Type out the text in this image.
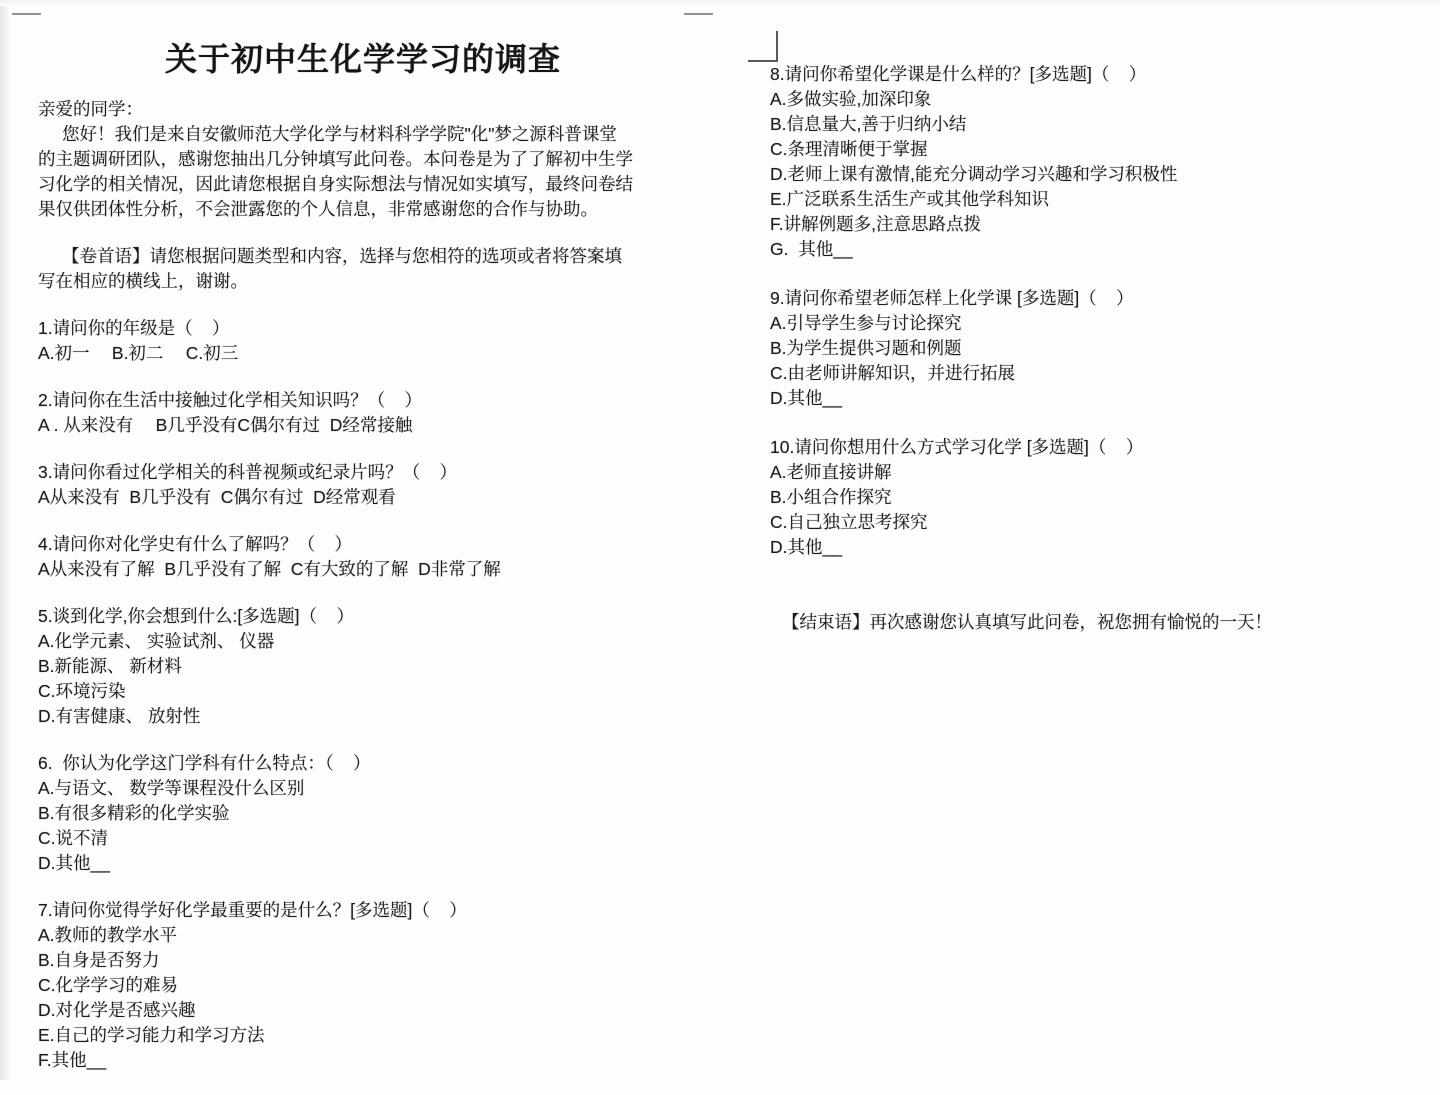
关于初中生化学学习的调查
亲爱的同学：
您好！我们是来自安徽师范大学化学与材料科学学院"化"梦之源科普课堂
的主题调研团队，感谢您抽出几分钟填写此问卷。本问卷是为了了解初中生学
习化学的相关情况，因此请您根据自身实际想法与情况如实填写，最终问卷结
果仅供团体性分析，不会泄露您的个人信息，非常感谢您的合作与协助。
【卷首语】请您根据问题类型和内容，选择与您相符的选项或者将答案填
写在相应的横线上，谢谢。
1.请问你的年级是（    ）
A.初一　 B.初二　 C.初三
2.请问你在生活中接触过化学相关知识吗？（    ）
A . 从来没有　 B几乎没有C偶尔有过  D经常接触
3.请问你看过化学相关的科普视频或纪录片吗？（    ）
A从来没有  B几乎没有  C偶尔有过  D经常观看
4.请问你对化学史有什么了解吗？（    ）
A从来没有了解  B几乎没有了解  C有大致的了解  D非常了解
5.谈到化学,你会想到什么:[多选题]（    ）
A.化学元素、 实验试剂、 仪器
B.新能源、 新材料
C.环境污染
D.有害健康、 放射性
6.  你认为化学这门学科有什么特点：（    ）
A.与语文、 数学等课程没什么区别
B.有很多精彩的化学实验
C.说不清
D.其他__
7.请问你觉得学好化学最重要的是什么？[多选题]（    ）
A.教师的教学水平
B.自身是否努力
C.化学学习的难易
D.对化学是否感兴趣
E.自己的学习能力和学习方法
F.其他__
8.请问你希望化学课是什么样的？[多选题]（    ）
A.多做实验,加深印象
B.信息量大,善于归纳小结
C.条理清晰便于掌握
D.老师上课有激情,能充分调动学习兴趣和学习积极性
E.广泛联系生活生产或其他学科知识
F.讲解例题多,注意思路点拨
G.  其他__
9.请问你希望老师怎样上化学课 [多选题]（    ）
A.引导学生参与讨论探究
B.为学生提供习题和例题
C.由老师讲解知识，并进行拓展
D.其他__
10.请问你想用什么方式学习化学 [多选题]（    ）
A.老师直接讲解
B.小组合作探究
C.自己独立思考探究
D.其他__
【结束语】再次感谢您认真填写此问卷，祝您拥有愉悦的一天！
